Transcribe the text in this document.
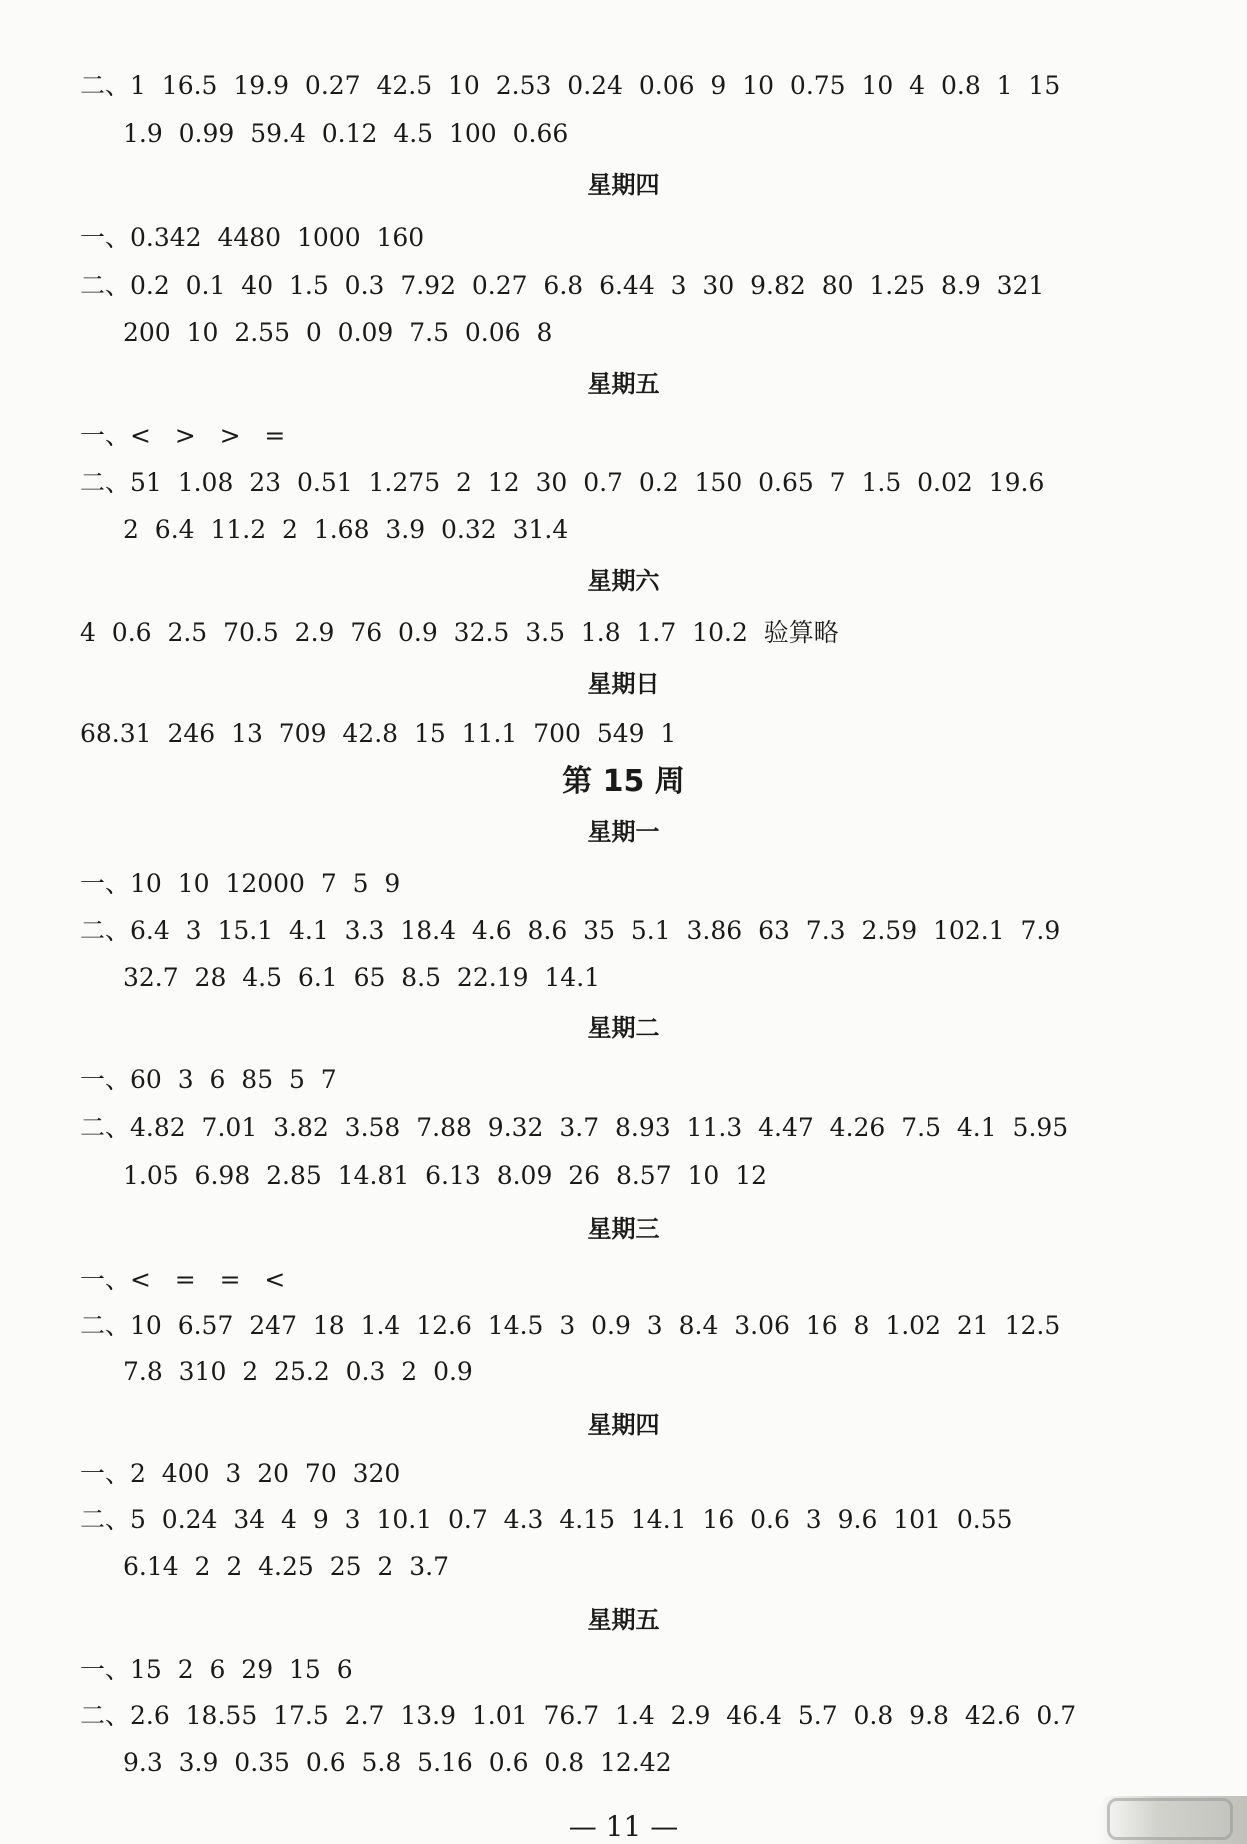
二、1  16.5  19.9  0.27  42.5  10  2.53  0.24  0.06  9  10  0.75  10  4  0.8  1  15
1.9  0.99  59.4  0.12  4.5  100  0.66
星期四
一、0.342  4480  1000  160
二、0.2  0.1  40  1.5  0.3  7.92  0.27  6.8  6.44  3  30  9.82  80  1.25  8.9  321
200  10  2.55  0  0.09  7.5  0.06  8
星期五
一、<   >   >   =
二、51  1.08  23  0.51  1.275  2  12  30  0.7  0.2  150  0.65  7  1.5  0.02  19.6
2  6.4  11.2  2  1.68  3.9  0.32  31.4
星期六
4  0.6  2.5  70.5  2.9  76  0.9  32.5  3.5  1.8  1.7  10.2  验算略
星期日
68.31  246  13  709  42.8  15  11.1  700  549  1
第 15 周
星期一
一、10  10  12000  7  5  9
二、6.4  3  15.1  4.1  3.3  18.4  4.6  8.6  35  5.1  3.86  63  7.3  2.59  102.1  7.9
32.7  28  4.5  6.1  65  8.5  22.19  14.1
星期二
一、60  3  6  85  5  7
二、4.82  7.01  3.82  3.58  7.88  9.32  3.7  8.93  11.3  4.47  4.26  7.5  4.1  5.95
1.05  6.98  2.85  14.81  6.13  8.09  26  8.57  10  12
星期三
一、<   =   =   <
二、10  6.57  247  18  1.4  12.6  14.5  3  0.9  3  8.4  3.06  16  8  1.02  21  12.5
7.8  310  2  25.2  0.3  2  0.9
星期四
一、2  400  3  20  70  320
二、5  0.24  34  4  9  3  10.1  0.7  4.3  4.15  14.1  16  0.6  3  9.6  101  0.55
6.14  2  2  4.25  25  2  3.7
星期五
一、15  2  6  29  15  6
二、2.6  18.55  17.5  2.7  13.9  1.01  76.7  1.4  2.9  46.4  5.7  0.8  9.8  42.6  0.7
9.3  3.9  0.35  0.6  5.8  5.16  0.6  0.8  12.42
— 11 —
